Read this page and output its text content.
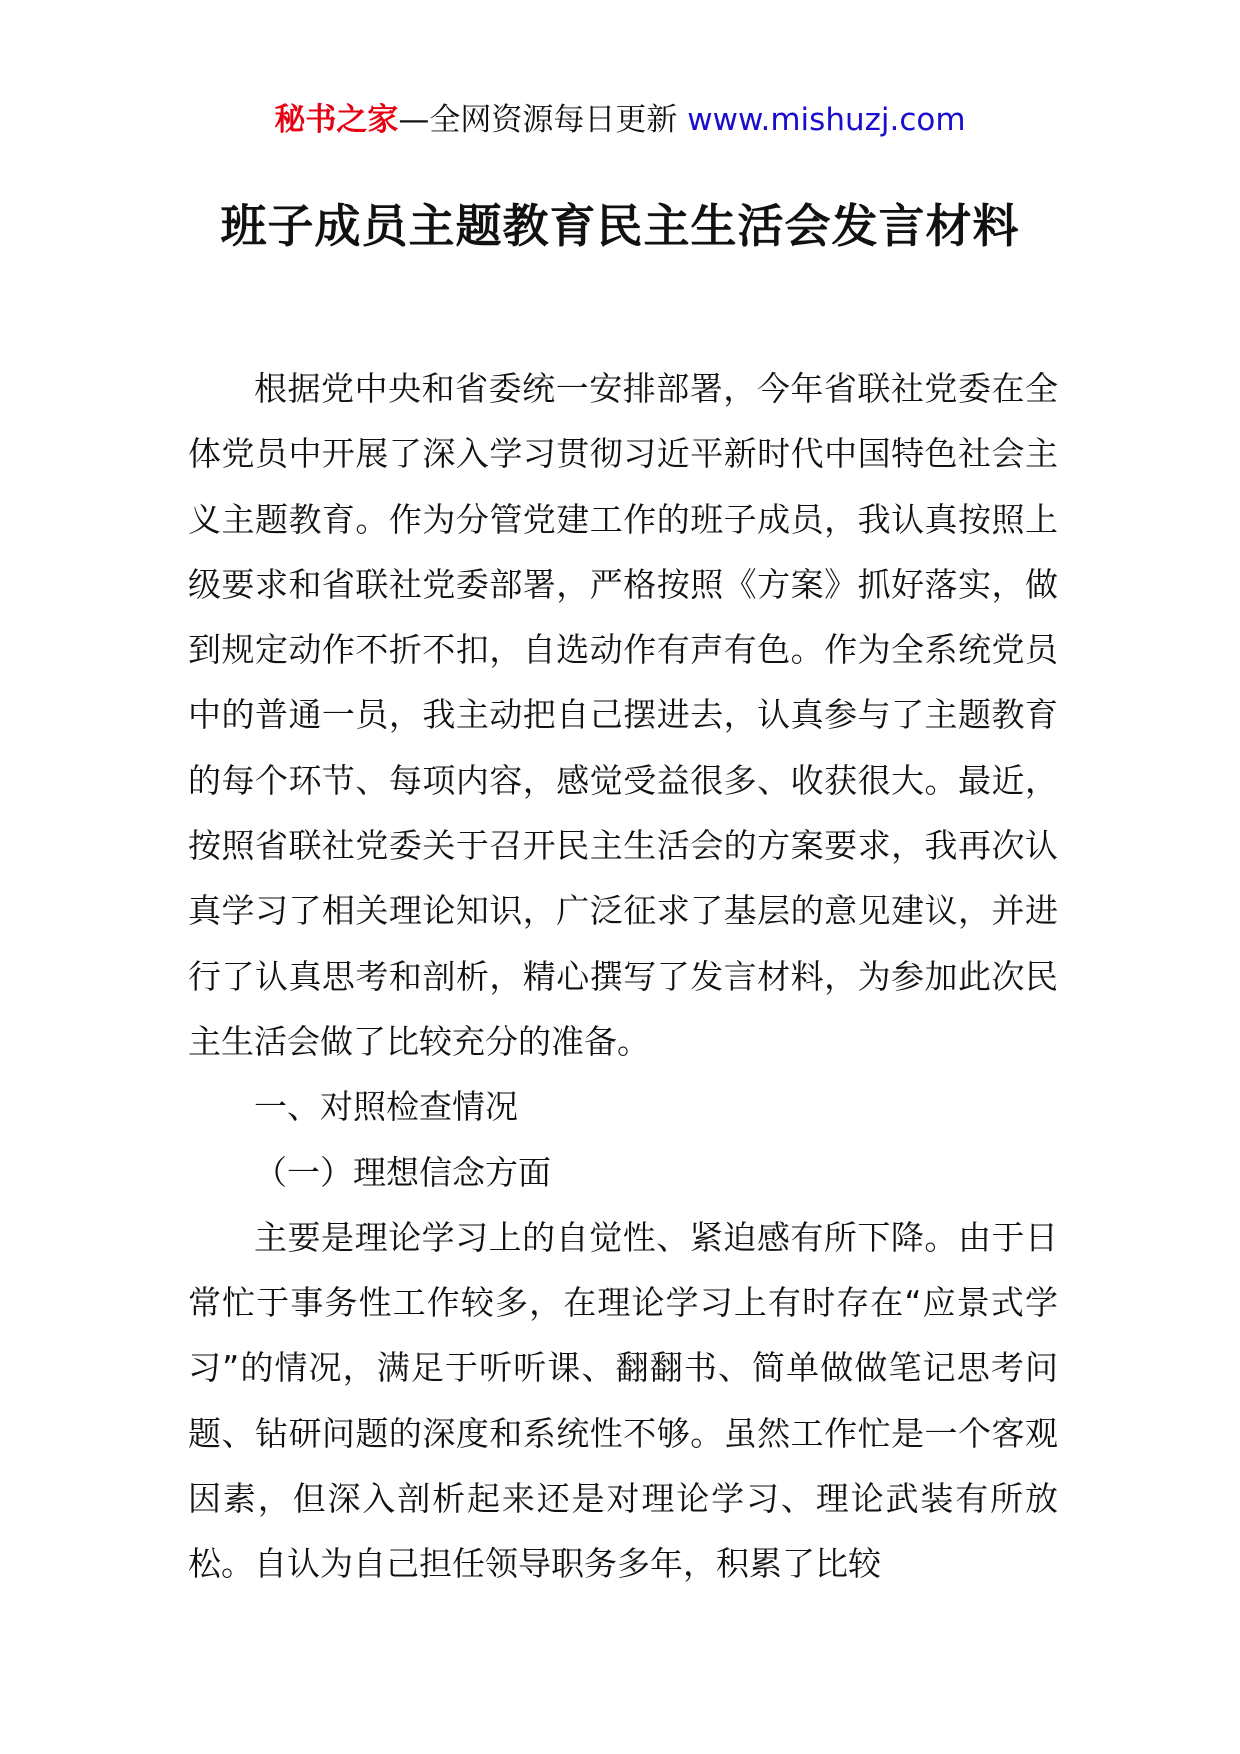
秘书之家—全网资源每日更新 www.mishuzj.com
班子成员主题教育民主生活会发言材料

根据党中央和省委统一安排部署，今年省联社党委在全体党员中开展了深入学习贯彻习近平新时代中国特色社会主义主题教育。作为分管党建工作的班子成员，我认真按照上级要求和省联社党委部署，严格按照《方案》抓好落实，做到规定动作不折不扣，自选动作有声有色。作为全系统党员中的普通一员，我主动把自己摆进去，认真参与了主题教育的每个环节、每项内容，感觉受益很多、收获很大。最近，按照省联社党委关于召开民主生活会的方案要求，我再次认真学习了相关理论知识，广泛征求了基层的意见建议，并进行了认真思考和剖析，精心撰写了发言材料，为参加此次民主生活会做了比较充分的准备。

一、对照检查情况

（一）理想信念方面

主要是理论学习上的自觉性、紧迫感有所下降。由于日常忙于事务性工作较多，在理论学习上有时存在“应景式学习”的情况，满足于听听课、翻翻书、简单做做笔记思考问题、钻研问题的深度和系统性不够。虽然工作忙是一个客观因素，但深入剖析起来还是对理论学习、理论武装有所放松。自认为自己担任领导职务多年，积累了比较
